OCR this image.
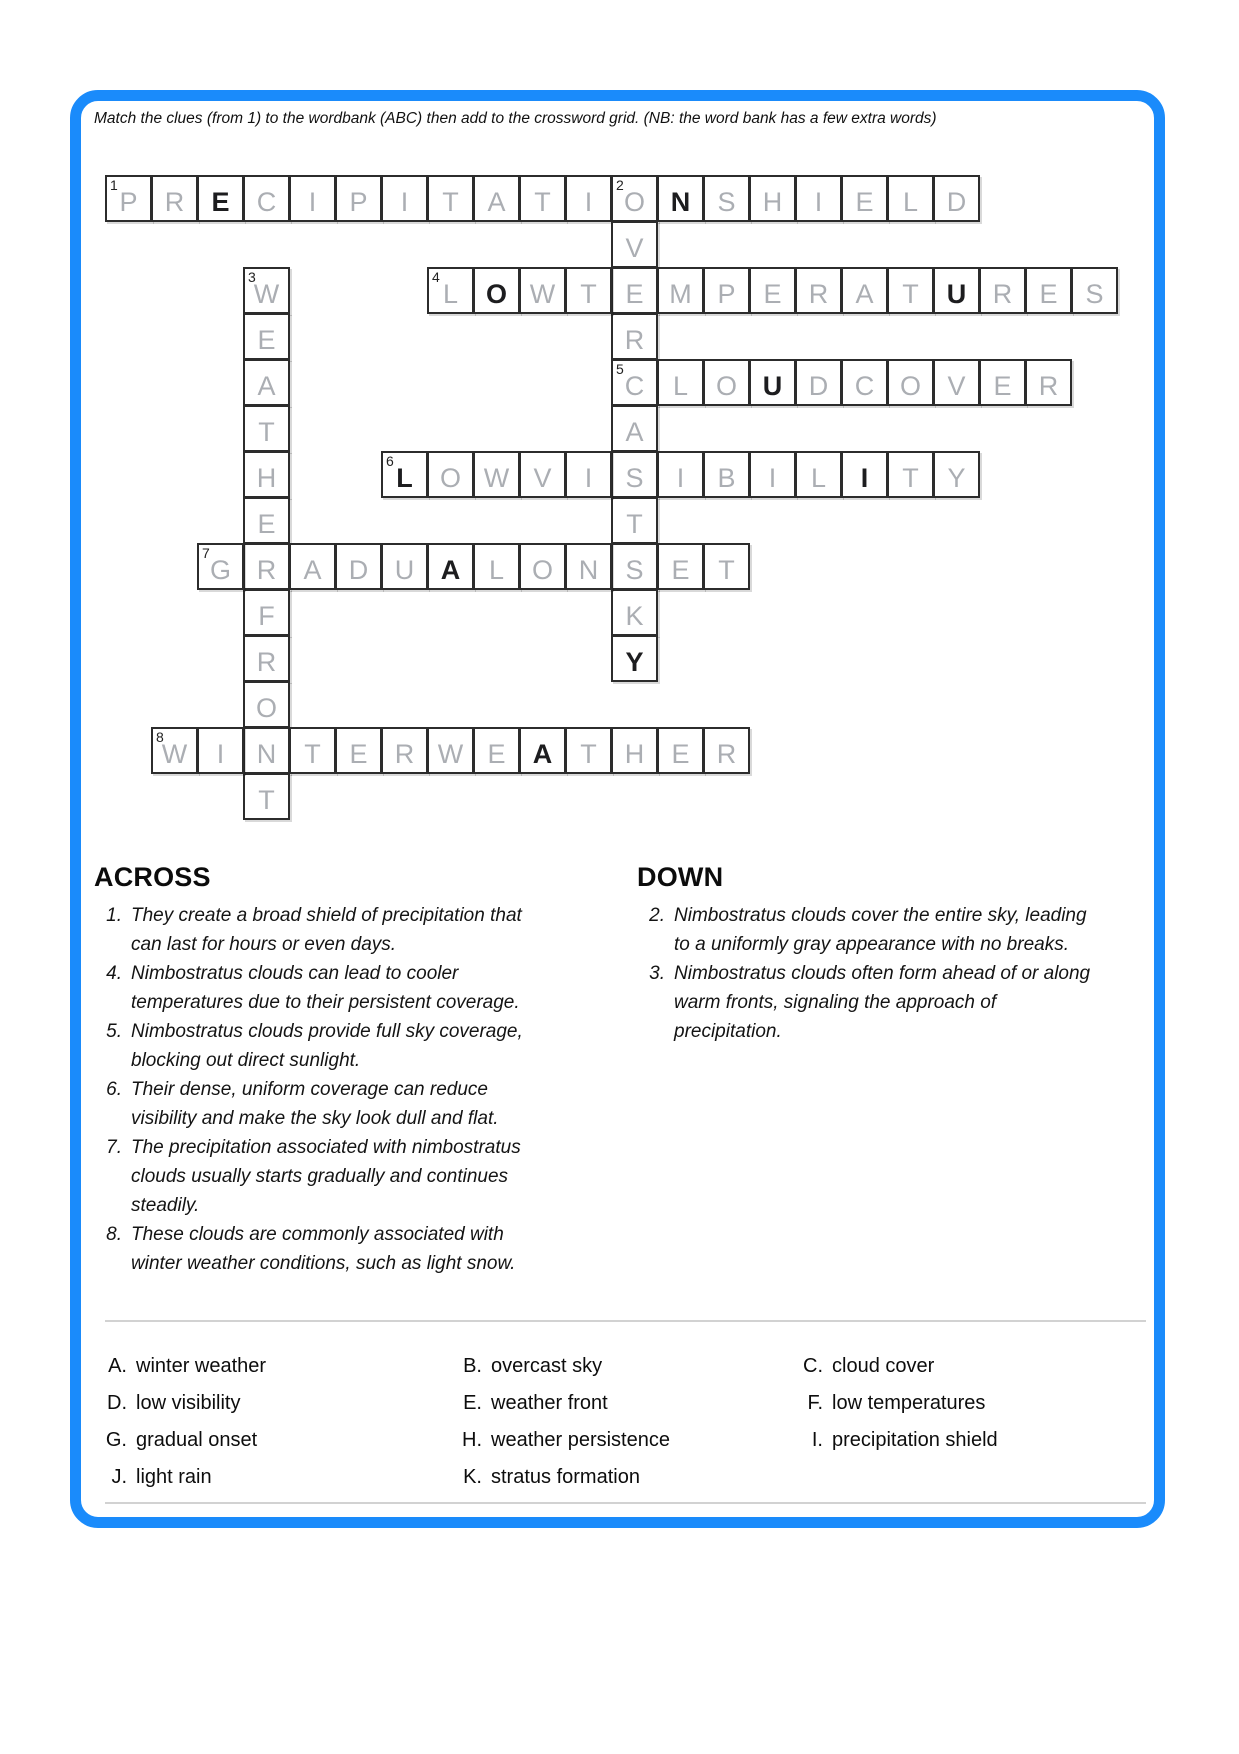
Match the clues (from 1) to the wordbank (ABC) then add to the crossword grid. (NB: the word bank has a few extra words)
P
1
R	E	C	I	P	I	T	A	T	I	O
2
N	S	H	I	E	L	D
V
E
R
C
5
A
S
T
S
K
Y
W
3
E
A
T
H
E
R
F
R
O
N
T
L
4
O W T	M P	E	R	A	T	U R	E	S
L	O U D C O V	E	R
L
6
O W V	I	I	B	I	L	I	T	Y
G
7
A	D U A	L	O N	E	T
W
8
I	T	E	R W E	A	T	H	E	R
ACROSS
1. They create a broad shield of precipitation that can last for hours or even days.
4. Nimbostratus clouds can lead to cooler temperatures due to their persistent coverage.
5. Nimbostratus clouds provide full sky coverage, blocking out direct sunlight.
6. Their dense, uniform coverage can reduce visibility and make the sky look dull and flat.
7. The precipitation associated with nimbostratus clouds usually starts gradually and continues steadily.
8. These clouds are commonly associated with winter weather conditions, such as light snow.
DOWN
2. Nimbostratus clouds cover the entire sky, leading to a uniformly gray appearance with no breaks.
3. Nimbostratus clouds often form ahead of or along warm fronts, signaling the approach of precipitation.
A. winter weather	B. overcast sky	C. cloud cover
D. low visibility	E. weather front	F. low temperatures
G. gradual onset	H. weather persistence	I. precipitation shield
J. light rain	K. stratus formation
